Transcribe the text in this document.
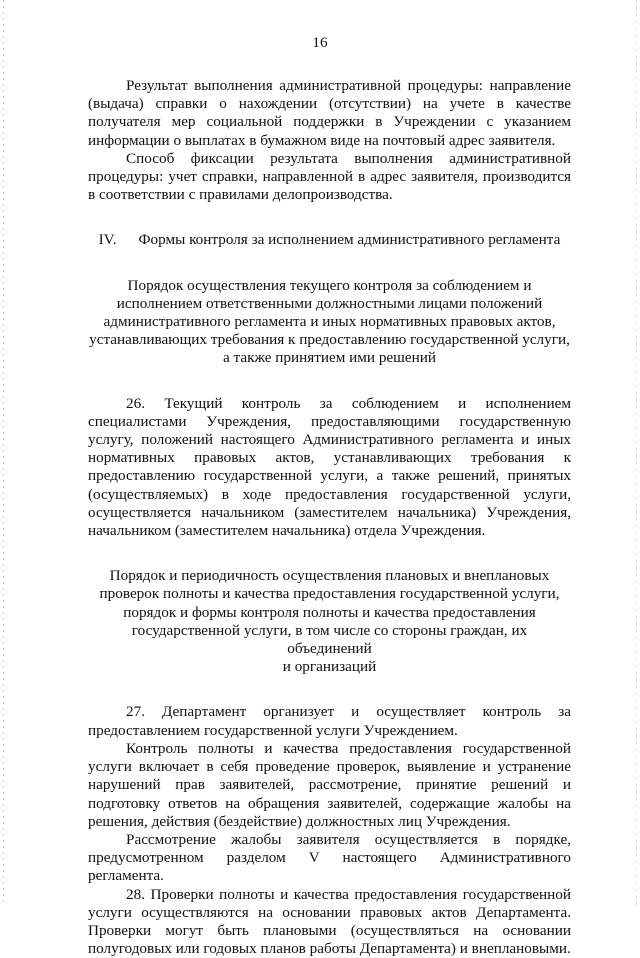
16

Результат выполнения административной процедуры: направление (выдача) справки о нахождении (отсутствии) на учете в качестве получателя мер социальной поддержки в Учреждении с указанием информации о выплатах в бумажном виде на почтовый адрес заявителя.

Способ фиксации результата выполнения административной процедуры: учет справки, направленной в адрес заявителя, производится в соответствии с правилами делопроизводства.

IV. Формы контроля за исполнением административного регламента

Порядок осуществления текущего контроля за соблюдением и

исполнением ответственными должностными лицами положений

административного регламента и иных нормативных правовых актов,

устанавливающих требования к предоставлению государственной услуги,

а также принятием ими решений

26. Текущий контроль за соблюдением и исполнением специалистами Учреждения, предоставляющими государственную услугу, положений настоящего Административного регламента и иных нормативных правовых актов, устанавливающих требования к предоставлению государственной услуги, а также решений, принятых (осуществляемых) в ходе предоставления государственной услуги, осуществляется начальником (заместителем начальника) Учреждения, начальником (заместителем начальника) отдела Учреждения.

Порядок и периодичность осуществления плановых и внеплановых

проверок полноты и качества предоставления государственной услуги,

порядок и формы контроля полноты и качества предоставления

государственной услуги, в том числе со стороны граждан, их объединений

и организаций

27. Департамент организует и осуществляет контроль за предоставлением государственной услуги Учреждением.

Контроль полноты и качества предоставления государственной услуги включает в себя проведение проверок, выявление и устранение нарушений прав заявителей, рассмотрение, принятие решений и подготовку ответов на обращения заявителей, содержащие жалобы на решения, действия (бездействие) должностных лиц Учреждения.

Рассмотрение жалобы заявителя осуществляется в порядке, предусмотренном разделом V настоящего Административного регламента.

28. Проверки полноты и качества предоставления государственной услуги осуществляются на основании правовых актов Департамента. Проверки могут быть плановыми (осуществляться на основании полугодовых или годовых планов работы Департамента) и внеплановыми.
